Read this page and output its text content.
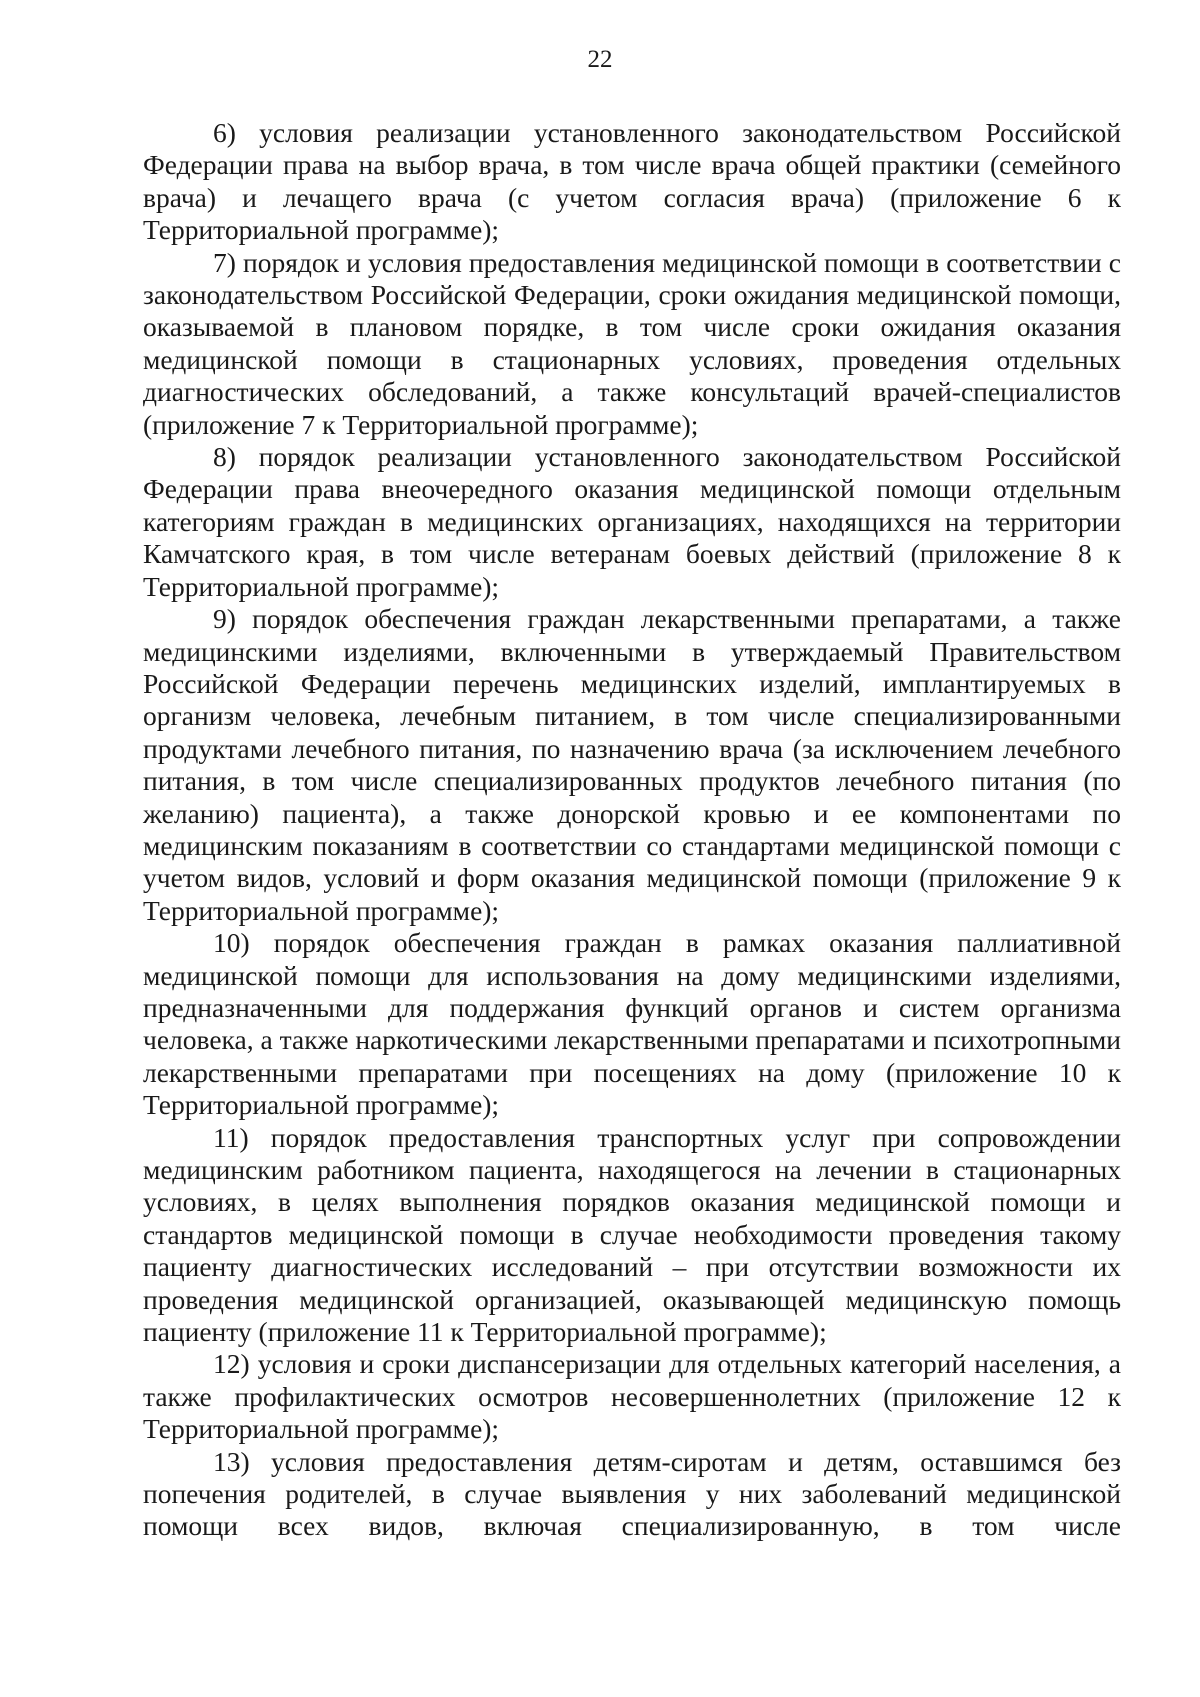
22

6) условия реализации установленного законодательством Российской Федерации права на выбор врача, в том числе врача общей практики (семейного врача) и лечащего врача (с учетом согласия врача) (приложение 6 к Территориальной программе);

7) порядок и условия предоставления медицинской помощи в соответствии с законодательством Российской Федерации, сроки ожидания медицинской помощи, оказываемой в плановом порядке, в том числе сроки ожидания оказания медицинской помощи в стационарных условиях, проведения отдельных диагностических обследований, а также консультаций врачей-специалистов (приложение 7 к Территориальной программе);

8) порядок реализации установленного законодательством Российской Федерации права внеочередного оказания медицинской помощи отдельным категориям граждан в медицинских организациях, находящихся на территории Камчатского края, в том числе ветеранам боевых действий (приложение 8 к Территориальной программе);

9) порядок обеспечения граждан лекарственными препаратами, а также медицинскими изделиями, включенными в утверждаемый Правительством Российской Федерации перечень медицинских изделий, имплантируемых в организм человека, лечебным питанием, в том числе специализированными продуктами лечебного питания, по назначению врача (за исключением лечебного питания, в том числе специализированных продуктов лечебного питания (по желанию) пациента), а также донорской кровью и ее компонентами по медицинским показаниям в соответствии со стандартами медицинской помощи с учетом видов, условий и форм оказания медицинской помощи (приложение 9 к Территориальной программе);

10) порядок обеспечения граждан в рамках оказания паллиативной медицинской помощи для использования на дому медицинскими изделиями, предназначенными для поддержания функций органов и систем организма человека, а также наркотическими лекарственными препаратами и психотропными лекарственными препаратами при посещениях на дому (приложение 10 к Территориальной программе);

11) порядок предоставления транспортных услуг при сопровождении медицинским работником пациента, находящегося на лечении в стационарных условиях, в целях выполнения порядков оказания медицинской помощи и стандартов медицинской помощи в случае необходимости проведения такому пациенту диагностических исследований – при отсутствии возможности их проведения медицинской организацией, оказывающей медицинскую помощь пациенту (приложение 11 к Территориальной программе);

12) условия и сроки диспансеризации для отдельных категорий населения, а также профилактических осмотров несовершеннолетних (приложение 12 к Территориальной программе);

13) условия предоставления детям-сиротам и детям, оставшимся без попечения родителей, в случае выявления у них заболеваний медицинской помощи всех видов, включая специализированную, в том числе
